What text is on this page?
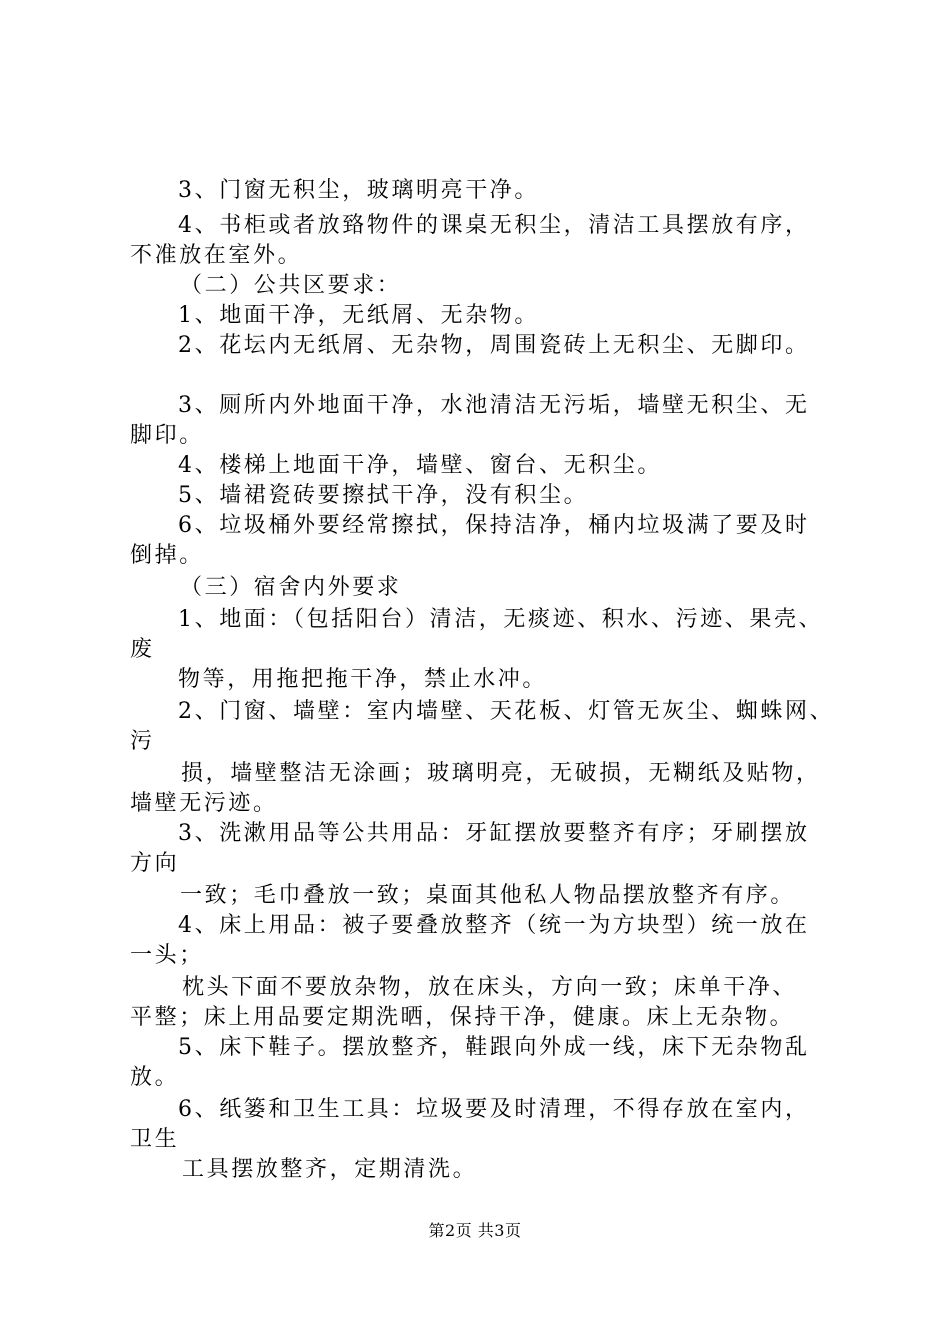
3、门窗无积尘，玻璃明亮干净。
4、书柜或者放臵物件的课桌无积尘，清洁工具摆放有序，
不准放在室外。
（二）公共区要求：
1、地面干净，无纸屑、无杂物。
2、花坛内无纸屑、无杂物，周围瓷砖上无积尘、无脚印。
3、厕所内外地面干净，水池清洁无污垢，墙壁无积尘、无
脚印。
4、楼梯上地面干净，墙壁、窗台、无积尘。
5、墙裙瓷砖要擦拭干净，没有积尘。
6、垃圾桶外要经常擦拭，保持洁净，桶内垃圾满了要及时
倒掉。
（三）宿舍内外要求
1、地面：（包括阳台）清洁，无痰迹、积水、污迹、果壳、
废
物等，用拖把拖干净，禁止水冲。
2、门窗、墙壁：室内墙壁、天花板、灯管无灰尘、蜘蛛网、
污
损，墙壁整洁无涂画；玻璃明亮，无破损，无糊纸及贴物，
墙壁无污迹。
3、洗漱用品等公共用品：牙缸摆放要整齐有序；牙刷摆放
方向
一致；毛巾叠放一致；桌面其他私人物品摆放整齐有序。
4、床上用品：被子要叠放整齐（统一为方块型）统一放在
一头；
枕头下面不要放杂物，放在床头，方向一致；床单干净、
平整；床上用品要定期洗晒，保持干净，健康。床上无杂物。
5、床下鞋子。摆放整齐，鞋跟向外成一线，床下无杂物乱
放。
6、纸篓和卫生工具：垃圾要及时清理，不得存放在室内，
卫生
工具摆放整齐，定期清洗。
第2页 共3页
